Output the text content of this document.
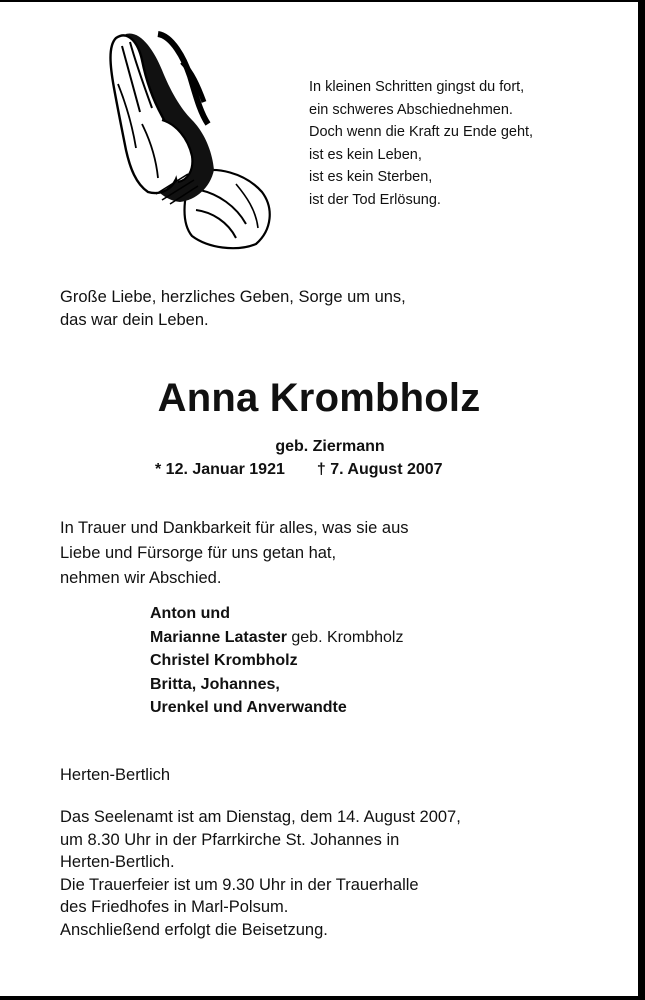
In kleinen Schritten gingst du fort,
ein schweres Abschiednehmen.
Doch wenn die Kraft zu Ende geht,
ist es kein Leben,
ist es kein Sterben,
ist der Tod Erlösung.
Große Liebe, herzliches Geben, Sorge um uns,
das war dein Leben.
Anna Krombholz
geb. Ziermann
* 12. Januar 1921 † 7. August 2007
In Trauer und Dankbarkeit für alles, was sie aus
Liebe und Fürsorge für uns getan hat,
nehmen wir Abschied.
Anton und
Marianne Lataster geb. Krombholz
Christel Krombholz
Britta, Johannes,
Urenkel und Anverwandte
Herten-Bertlich
Das Seelenamt ist am Dienstag, dem 14. August 2007,
um 8.30 Uhr in der Pfarrkirche St. Johannes in
Herten-Bertlich.
Die Trauerfeier ist um 9.30 Uhr in der Trauerhalle
des Friedhofes in Marl-Polsum.
Anschließend erfolgt die Beisetzung.
